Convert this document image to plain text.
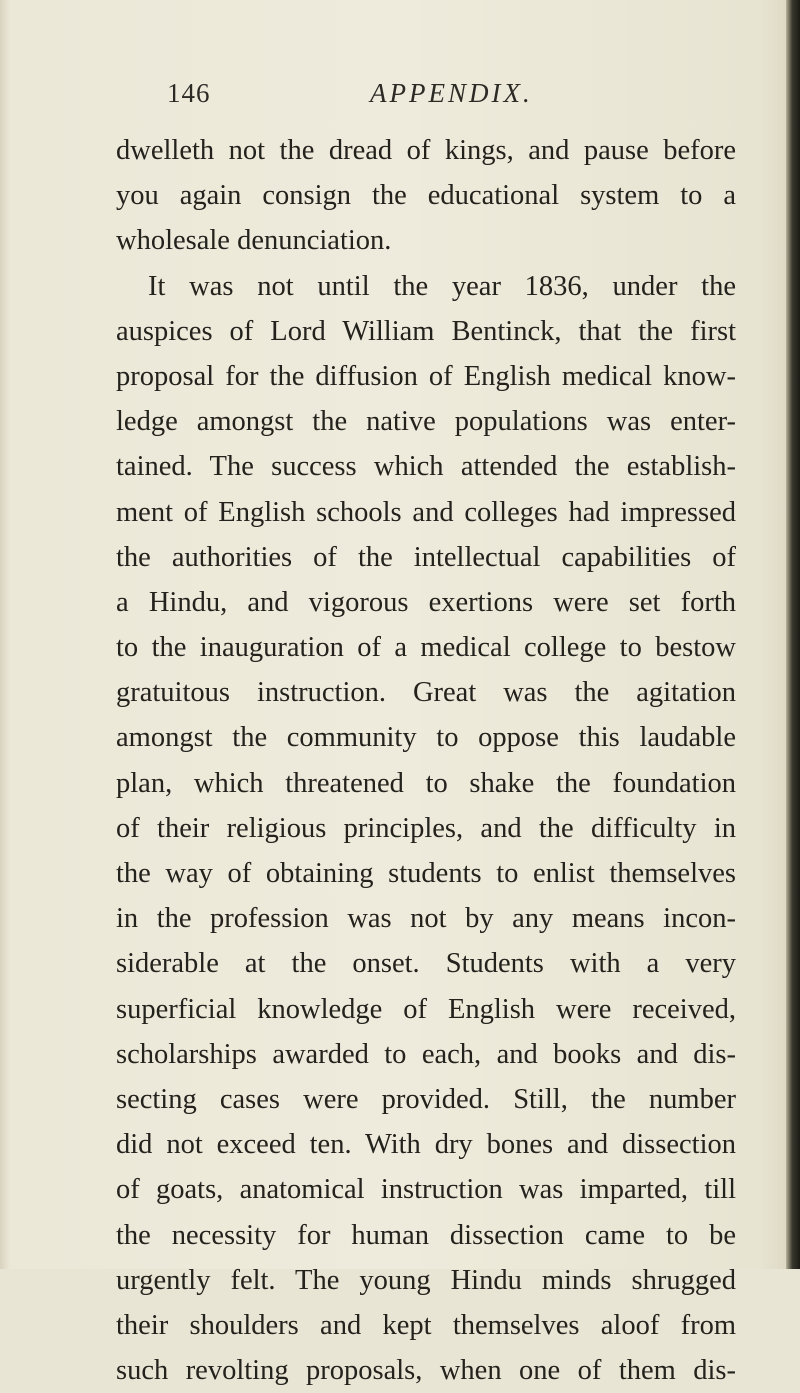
146	APPENDIX.
dwelleth not the dread of kings, and pause before
you again consign the educational system to a
wholesale denunciation.
It was not until the year 1836, under the
auspices of Lord William Bentinck, that the first
proposal for the diffusion of English medical know-
ledge amongst the native populations was enter-
tained. The success which attended the establish-
ment of English schools and colleges had impressed
the authorities of the intellectual capabilities of
a Hindu, and vigorous exertions were set forth
to the inauguration of a medical college to bestow
gratuitous instruction. Great was the agitation
amongst the community to oppose this laudable
plan, which threatened to shake the foundation
of their religious principles, and the difficulty in
the way of obtaining students to enlist themselves
in the profession was not by any means incon-
siderable at the onset. Students with a very
superficial knowledge of English were received,
scholarships awarded to each, and books and dis-
secting cases were provided. Still, the number
did not exceed ten. With dry bones and dissection
of goats, anatomical instruction was imparted, till
the necessity for human dissection came to be
urgently felt. The young Hindu minds shrugged
their shoulders and kept themselves aloof from
such revolting proposals, when one of them dis-
